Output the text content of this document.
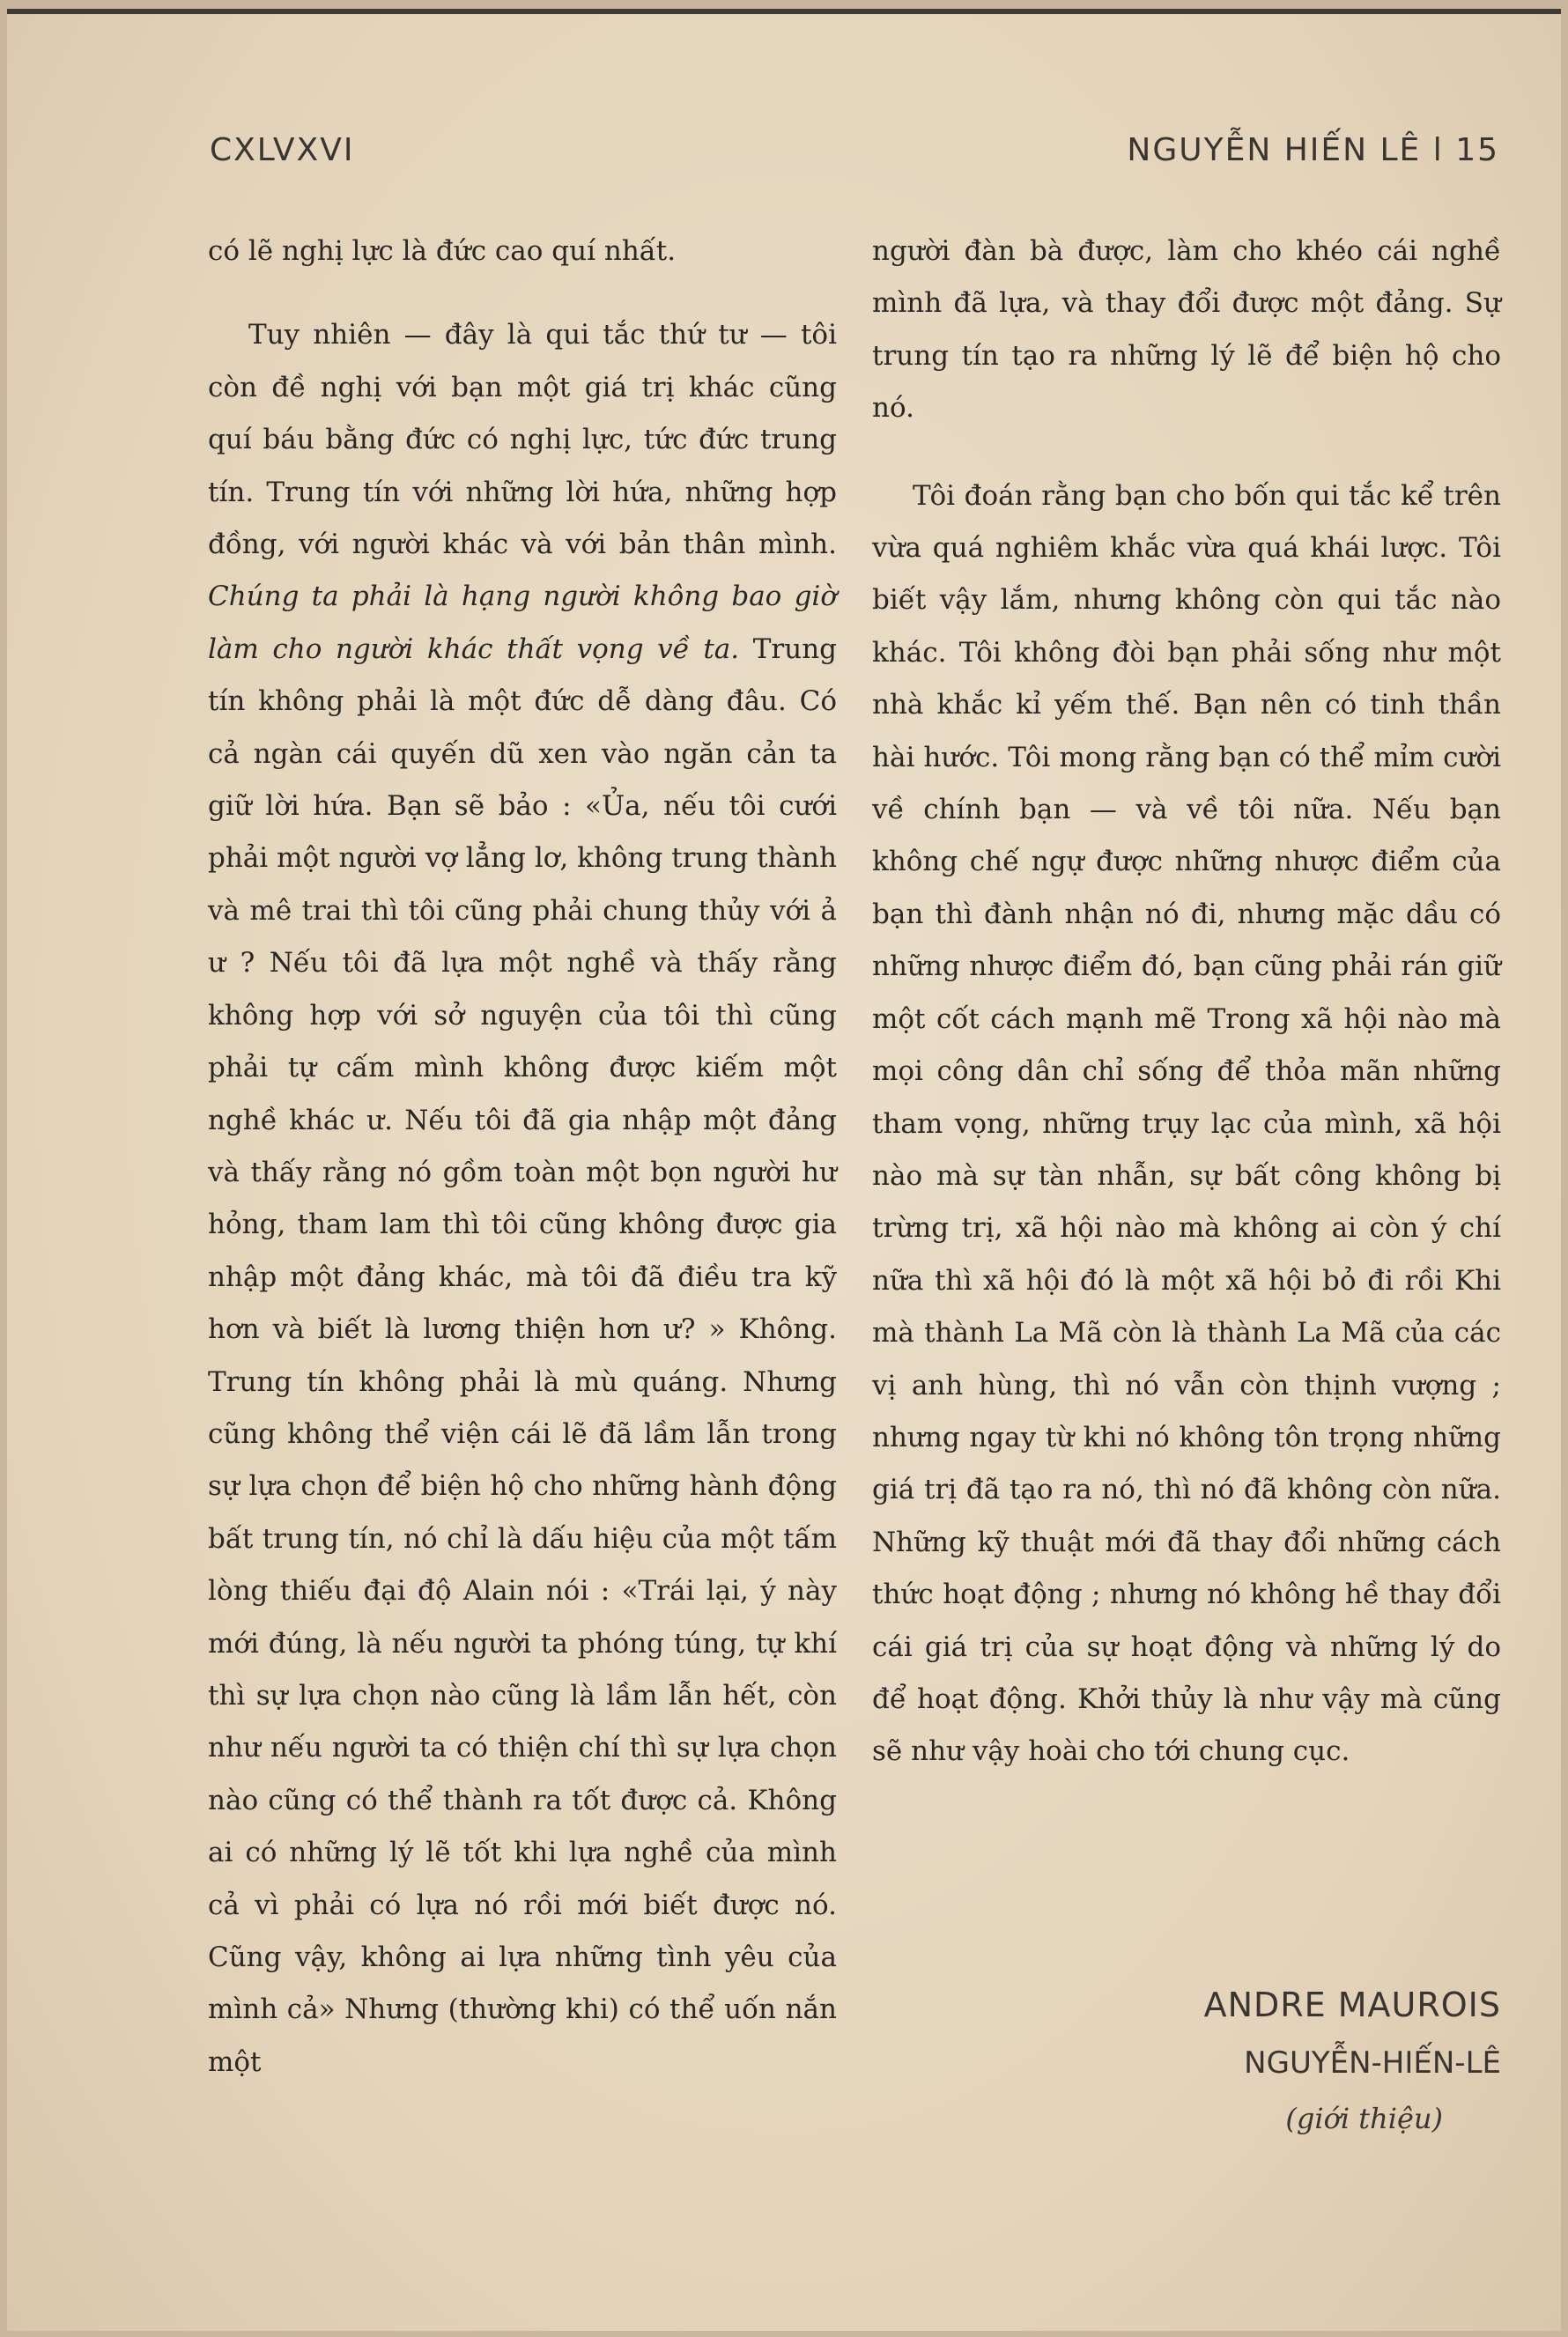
CXLVXVI	NGUYỄN HIẾN LÊ l 15

có lẽ nghị lực là đức cao quí nhất.

Tuy nhiên — đây là qui tắc thứ tư — tôi còn đề nghị với bạn một giá trị khác cũng quí báu bằng đức có nghị lực, tức đức trung tín. Trung tín với những lời hứa, những hợp đồng, với người khác và với bản thân mình. Chúng ta phải là hạng người không bao giờ làm cho người khác thất vọng về ta. Trung tín không phải là một đức dễ dàng đâu. Có cả ngàn cái quyến dũ xen vào ngăn cản ta giữ lời hứa. Bạn sẽ bảo : «Ủa, nếu tôi cưới phải một người vợ lẳng lơ, không trung thành và mê trai thì tôi cũng phải chung thủy với ả ư ? Nếu tôi đã lựa một nghề và thấy rằng không hợp với sở nguyện của tôi thì cũng phải tự cấm mình không được kiếm một nghề khác ư. Nếu tôi đã gia nhập một đảng và thấy rằng nó gồm toàn một bọn người hư hỏng, tham lam thì tôi cũng không được gia nhập một đảng khác, mà tôi đã điều tra kỹ hơn và biết là lương thiện hơn ư? » Không. Trung tín không phải là mù quáng. Nhưng cũng không thể viện cái lẽ đã lầm lẫn trong sự lựa chọn để biện hộ cho những hành động bất trung tín, nó chỉ là dấu hiệu của một tấm lòng thiếu đại độ Alain nói : «Trái lại, ý này mới đúng, là nếu người ta phóng túng, tự khí thì sự lựa chọn nào cũng là lầm lẫn hết, còn như nếu người ta có thiện chí thì sự lựa chọn nào cũng có thể thành ra tốt được cả. Không ai có những lý lẽ tốt khi lựa nghề của mình cả vì phải có lựa nó rồi mới biết được nó. Cũng vậy, không ai lựa những tình yêu của mình cả» Nhưng (thường khi) có thể uốn nắn một

người đàn bà được, làm cho khéo cái nghề mình đã lựa, và thay đổi được một đảng. Sự trung tín tạo ra những lý lẽ để biện hộ cho nó.

Tôi đoán rằng bạn cho bốn qui tắc kể trên vừa quá nghiêm khắc vừa quá khái lược. Tôi biết vậy lắm, nhưng không còn qui tắc nào khác. Tôi không đòi bạn phải sống như một nhà khắc kỉ yếm thế. Bạn nên có tinh thần hài hước. Tôi mong rằng bạn có thể mỉm cười về chính bạn — và về tôi nữa. Nếu bạn không chế ngự được những nhược điểm của bạn thì đành nhận nó đi, nhưng mặc dầu có những nhược điểm đó, bạn cũng phải rán giữ một cốt cách mạnh mẽ Trong xã hội nào mà mọi công dân chỉ sống để thỏa mãn những tham vọng, những trụy lạc của mình, xã hội nào mà sự tàn nhẫn, sự bất công không bị trừng trị, xã hội nào mà không ai còn ý chí nữa thì xã hội đó là một xã hội bỏ đi rồi Khi mà thành La Mã còn là thành La Mã của các vị anh hùng, thì nó vẫn còn thịnh vượng ; nhưng ngay từ khi nó không tôn trọng những giá trị đã tạo ra nó, thì nó đã không còn nữa. Những kỹ thuật mới đã thay đổi những cách thức hoạt động ; nhưng nó không hề thay đổi cái giá trị của sự hoạt động và những lý do để hoạt động. Khởi thủy là như vậy mà cũng sẽ như vậy hoài cho tới chung cục.

ANDRE MAUROIS
NGUYỄN-HIẾN-LÊ
(giới thiệu)
